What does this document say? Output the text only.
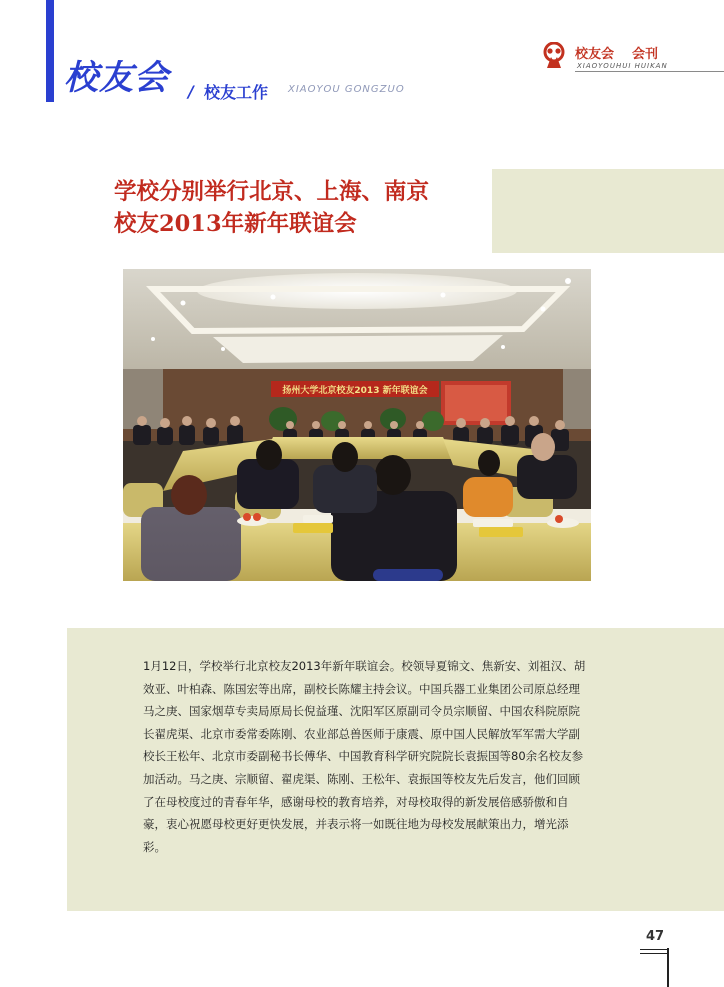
校友会 / 校友工作 XIAOYOU GONGZUO
校友会 会刊
XIAOYOUHUI HUIKAN
学校分别举行北京、上海、南京
校友2013年新年联谊会
扬州大学北京校友2013 新年联谊会

1月12日，学校举行北京校友2013年新年联谊会。校领导夏锦文、焦新安、刘祖汉、胡效亚、叶柏森、陈国宏等出席，副校长陈耀主持会议。中国兵器工业集团公司原总经理马之庚、国家烟草专卖局原局长倪益瑾、沈阳军区原副司令员宗顺留、中国农科院原院长翟虎渠、北京市委常委陈刚、农业部总兽医师于康震、原中国人民解放军军需大学副校长王松年、北京市委副秘书长傅华、中国教育科学研究院院长袁振国等80余名校友参加活动。马之庚、宗顺留、翟虎渠、陈刚、王松年、袁振国等校友先后发言，他们回顾了在母校度过的青春年华，感谢母校的教育培养，对母校取得的新发展倍感骄傲和自豪，衷心祝愿母校更好更快发展，并表示将一如既往地为母校发展献策出力，增光添彩。

47
